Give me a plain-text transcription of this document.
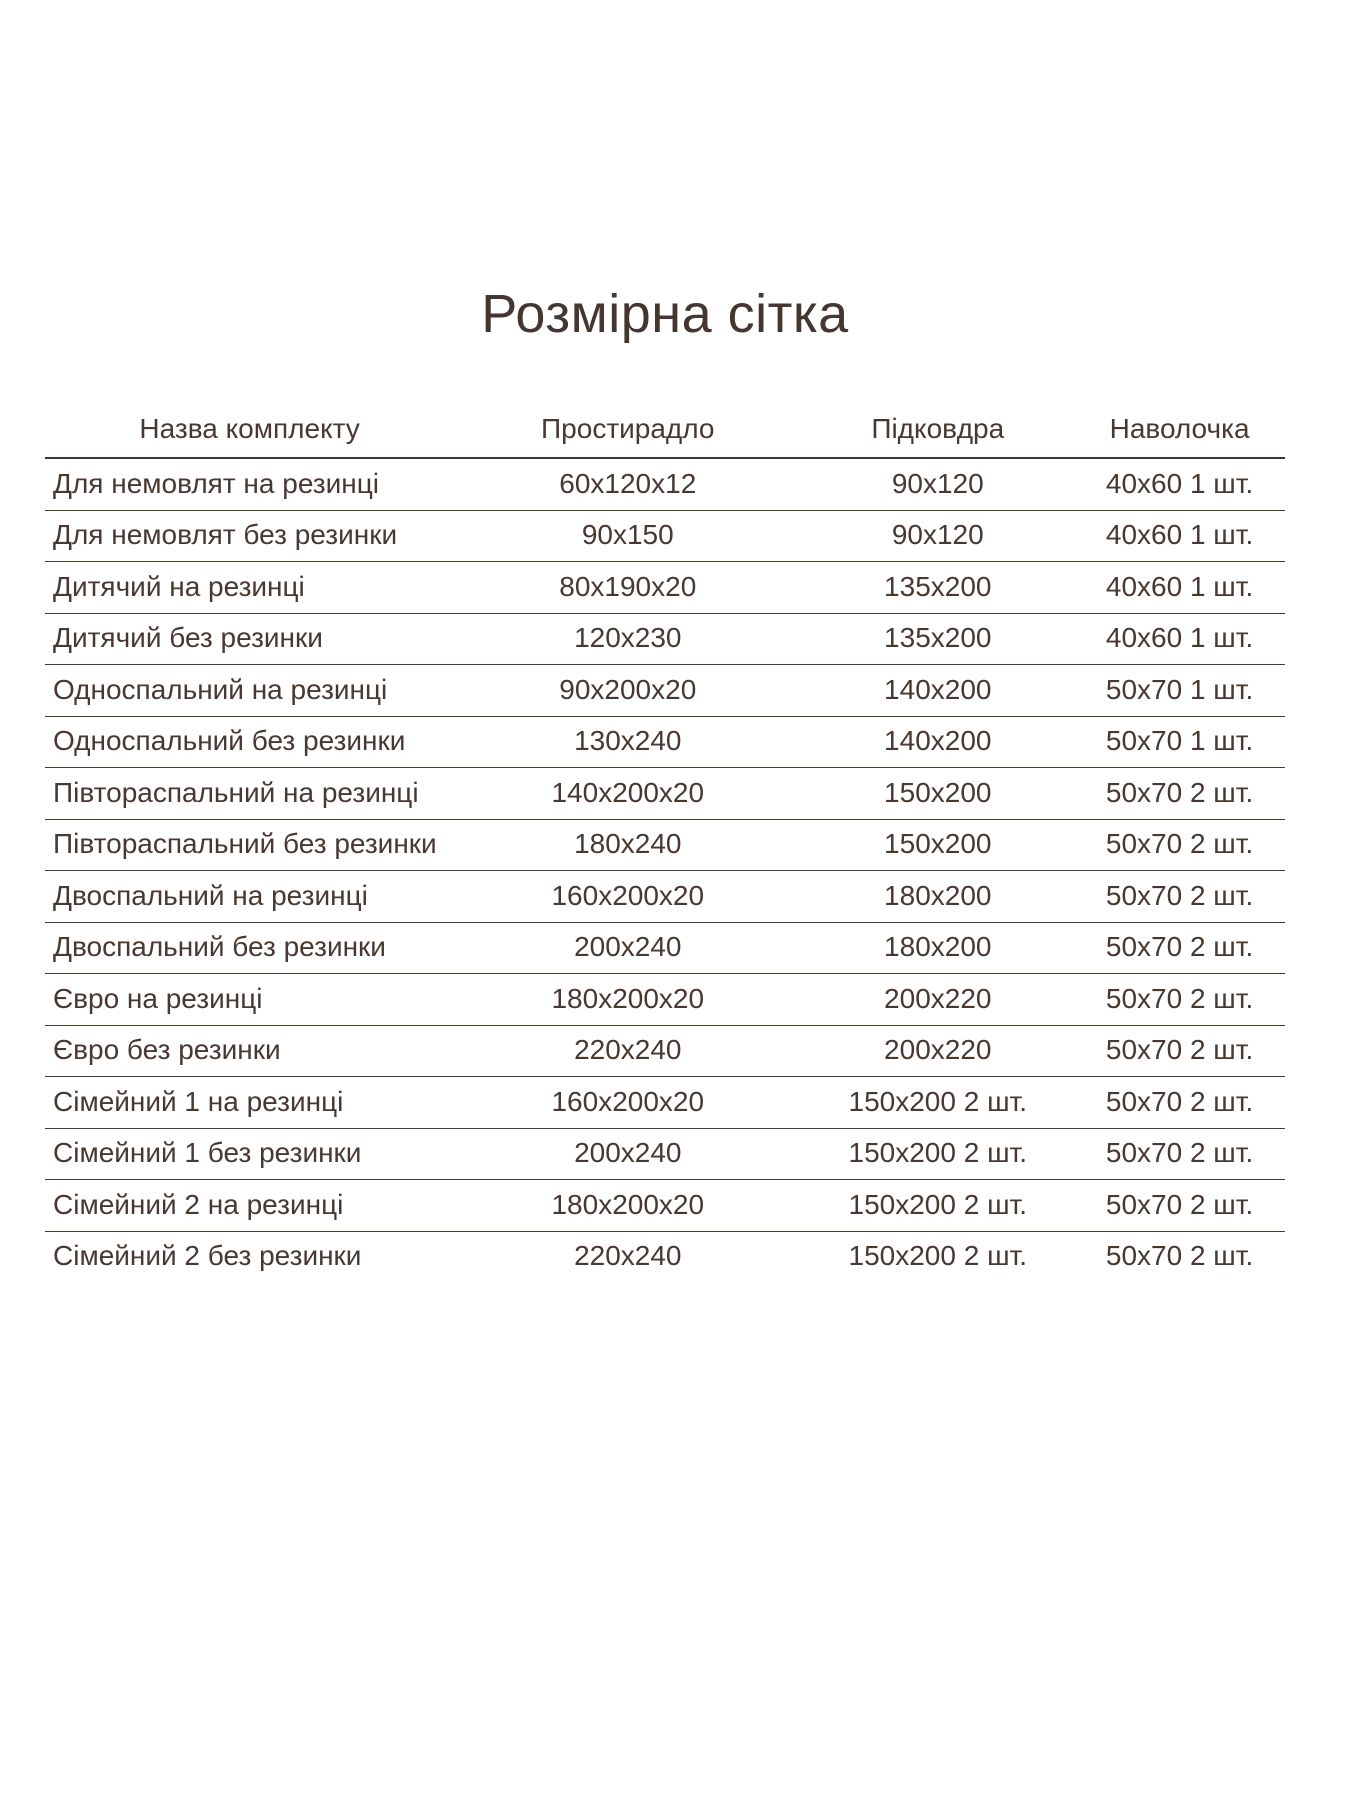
Розмірна сітка
Назва комплекту	Простирадло	Підковдра	Наволочка
Для немовлят на резинці	60х120х12	90х120	40х60 1 шт.
Для немовлят без резинки	90х150	90х120	40х60 1 шт.
Дитячий на резинці	80х190х20	135х200	40х60 1 шт.
Дитячий без резинки	120х230	135х200	40х60 1 шт.
Односпальний на резинці	90х200х20	140х200	50х70 1 шт.
Односпальний без резинки	130х240	140х200	50х70 1 шт.
Півтораспальний на резинці	140х200х20	150х200	50х70 2 шт.
Півтораспальний без резинки	180х240	150х200	50х70 2 шт.
Двоспальний на резинці	160х200х20	180х200	50х70 2 шт.
Двоспальний без резинки	200х240	180х200	50х70 2 шт.
Євро на резинці	180х200х20	200х220	50х70 2 шт.
Євро без резинки	220х240	200х220	50х70 2 шт.
Сімейний 1 на резинці	160х200х20	150х200 2 шт.	50х70 2 шт.
Сімейний 1 без резинки	200х240	150х200 2 шт.	50х70 2 шт.
Сімейний 2 на резинці	180х200х20	150х200 2 шт.	50х70 2 шт.
Сімейний 2 без резинки	220х240	150х200 2 шт.	50х70 2 шт.
